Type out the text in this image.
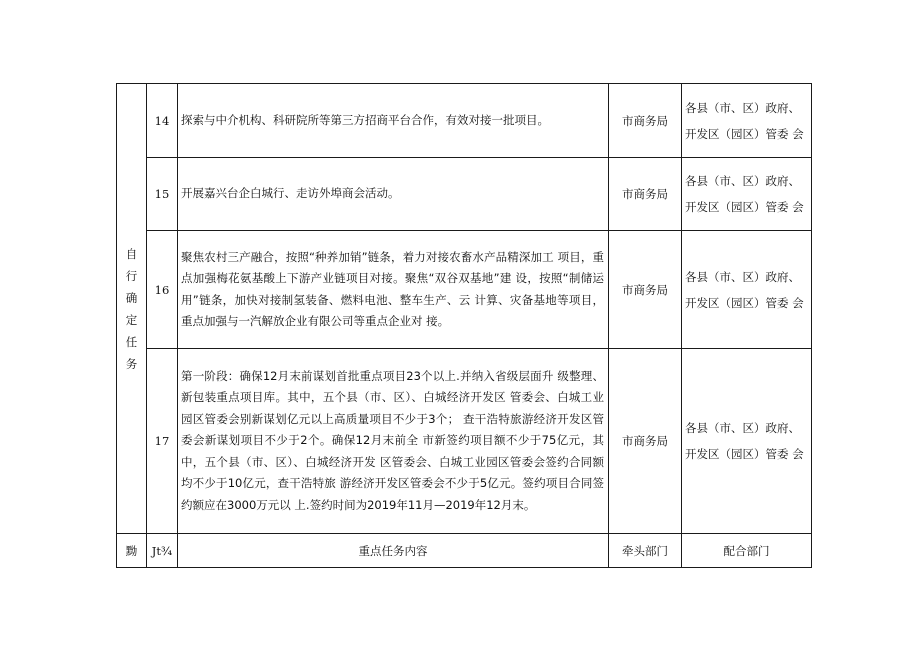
自行确定任务	14	探索与中介机构、科研院所等第三方招商平台合作，有效对接一批项目。	市商务局	各县（市、区）政府、
开发区（园区）管委 会

	15	开展嘉兴台企白城行、走访外埠商会活动。	市商务局	各县（市、区）政府、
开发区（园区）管委 会

	16	聚焦农村三产融合，按照“种养加销”链条，着力对接农畜水产品精深加工 项目，重点加强梅花氨基酸上下游产业链项目对接。聚焦“双谷双基地”建 设，按照“制储运用”链条，加快对接制氢装备、燃料电池、整车生产、云 计算、灾备基地等项目，重点加强与一汽解放企业有限公司等重点企业对 接。	市商务局	各县（市、区）政府、
开发区（园区）管委 会

	17	第一阶段：确保12月末前谋划首批重点项目23个以上.并纳入省级层面升 级整理、新包装重点项目库。其中，五个县（市、区）、白城经济开发区 管委会、白城工业园区管委会别新谋划亿元以上高质量项目不少于3个； 查干浩特旅游经济开发区管委会新谋划项目不少于2个。确保12月末前全 市新签约项目额不少于75亿元，其中，五个县（市、区）、白城经济开发 区管委会、白城工业园区管委会签约合同额均不少于10亿元，查干浩特旅 游经济开发区管委会不少于5亿元。签约项目合同签约额应在3000万元以 上.签约时间为2019年11月—2019年12月末。	市商务局	各县（市、区）政府、
开发区（园区）管委 会

黝	Jt¾	重点任务内容	牵头部门	配合部门
